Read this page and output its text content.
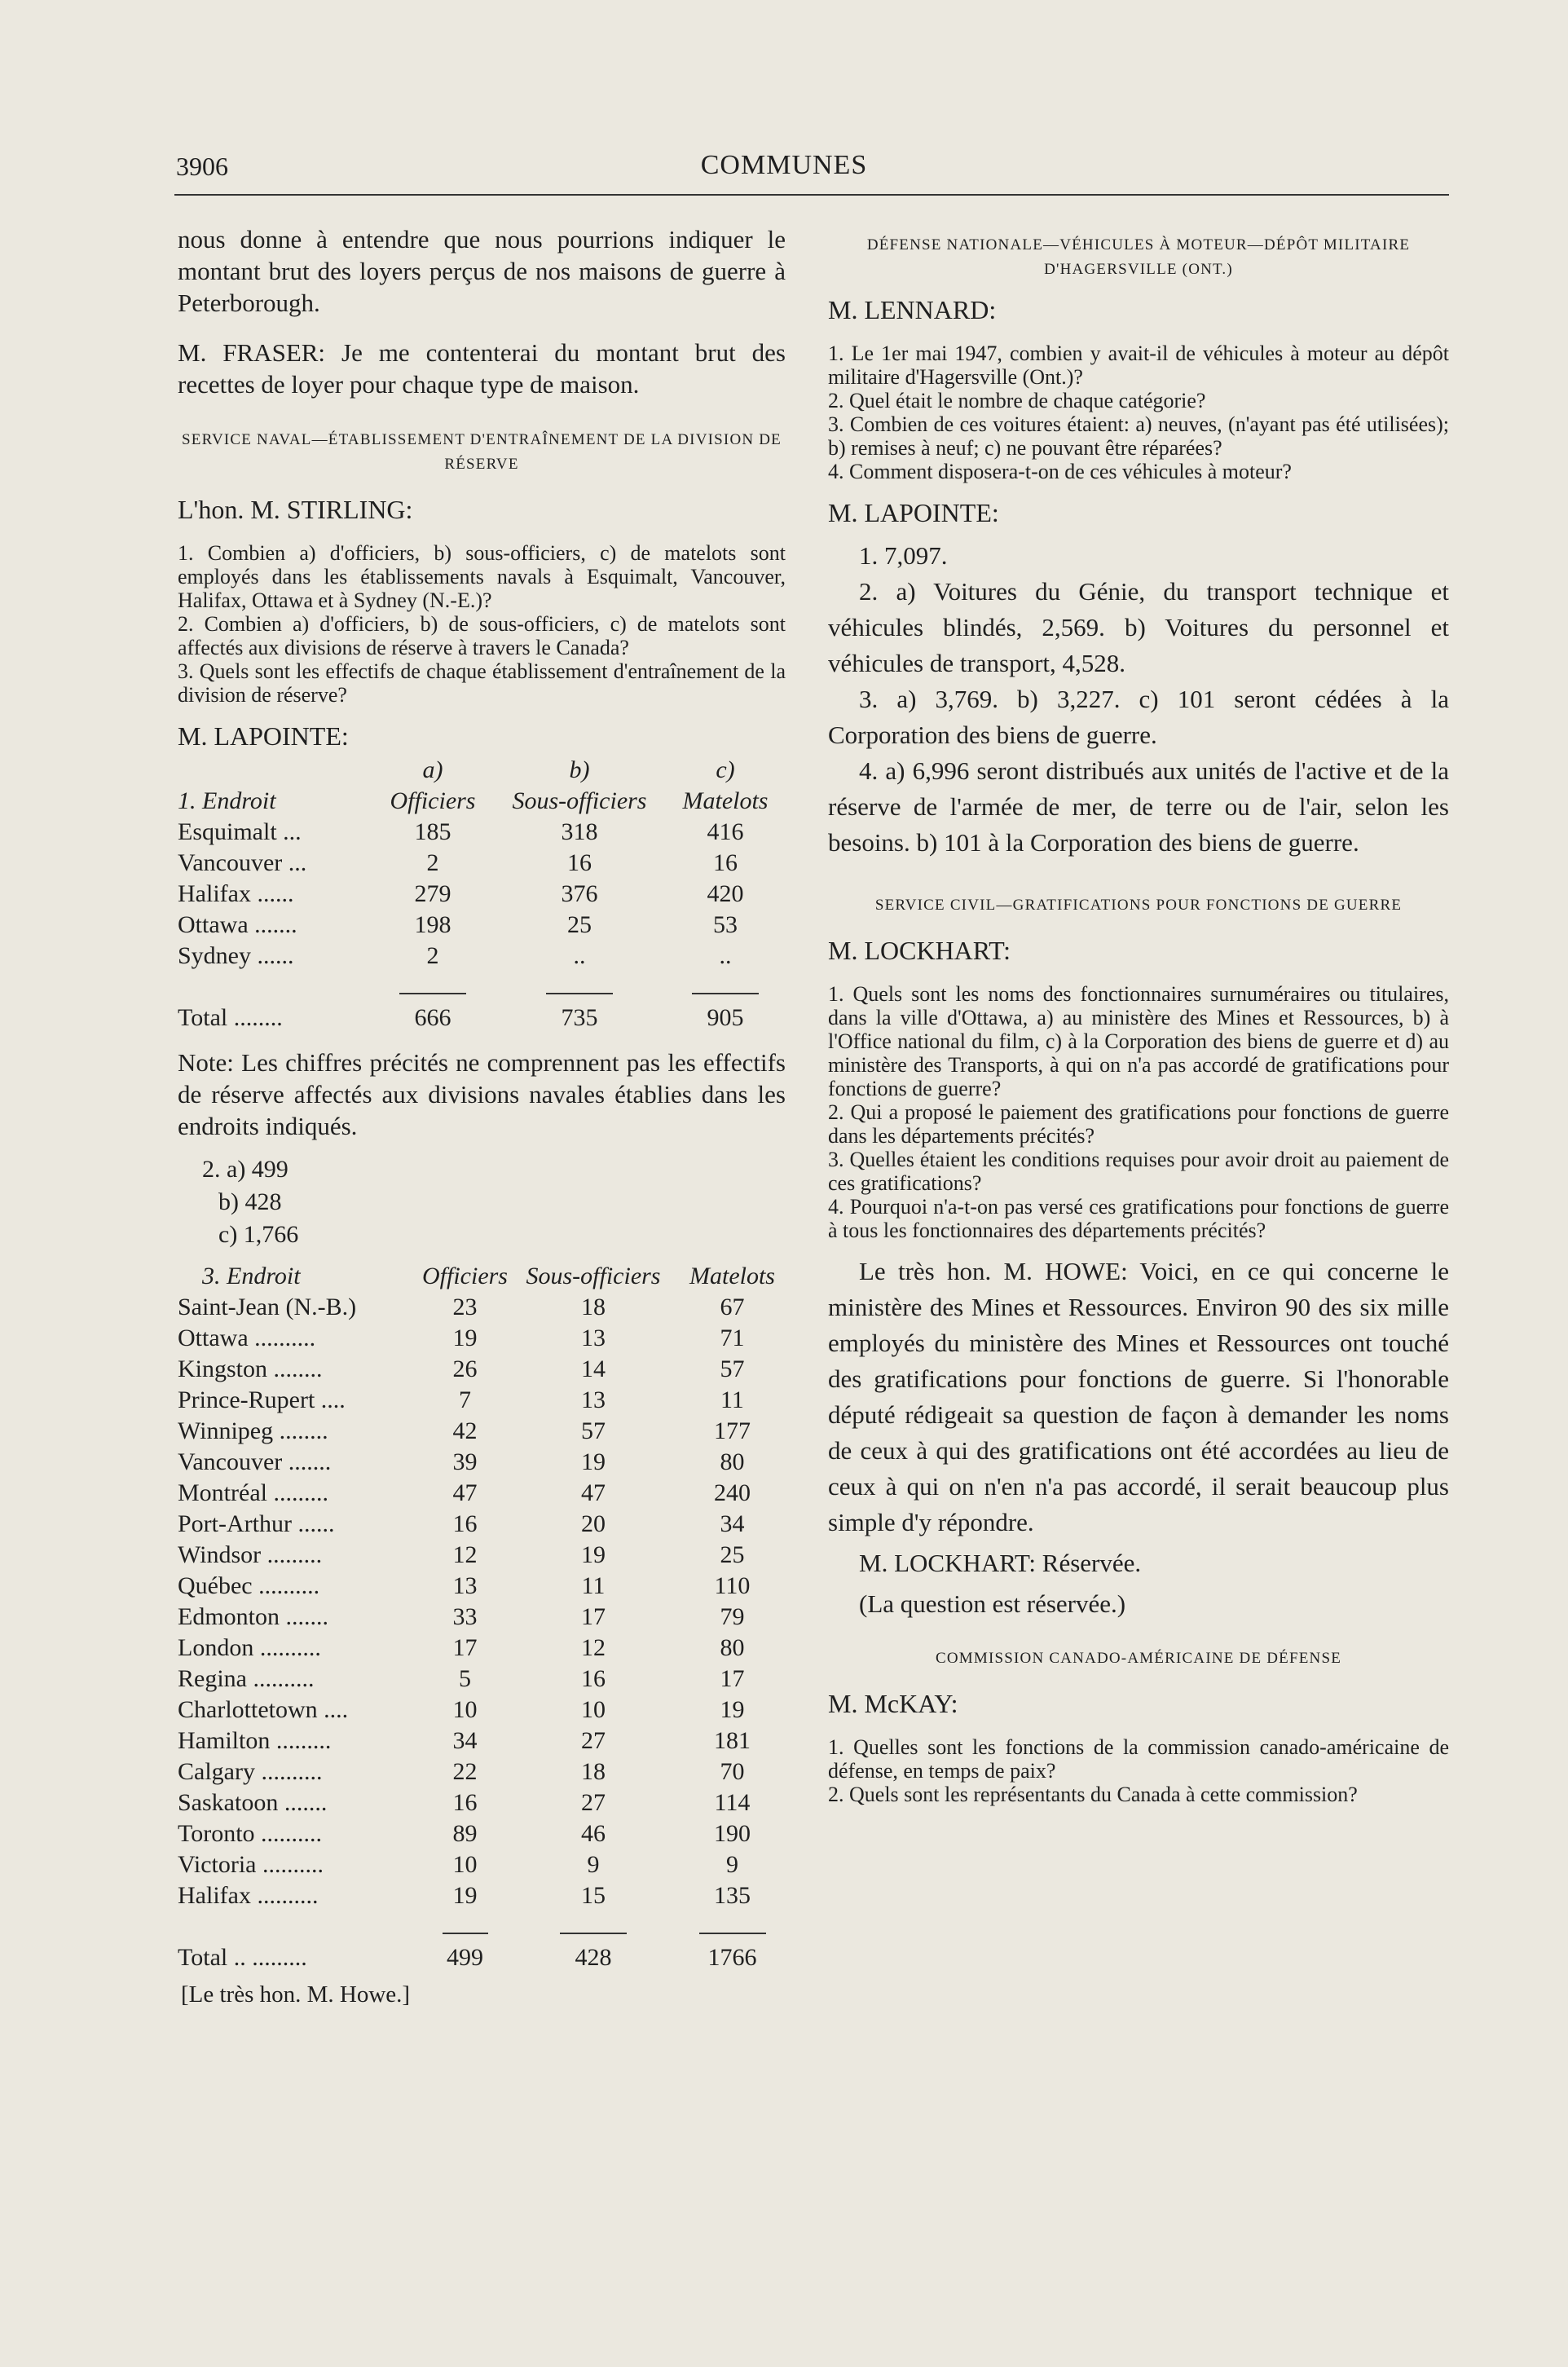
3906	COMMUNES

nous donne à entendre que nous pourrions indiquer le montant brut des loyers perçus de nos maisons de guerre à Peterborough.

M. FRASER: Je me contenterai du montant brut des recettes de loyer pour chaque type de maison.

SERVICE NAVAL—ÉTABLISSEMENT D'ENTRAÎNEMENT DE LA DIVISION DE RÉSERVE
L'hon. M. STIRLING:

1. Combien a) d'officiers, b) sous-officiers, c) de matelots sont employés dans les établissements navals à Esquimalt, Vancouver, Halifax, Ottawa et à Sydney (N.-E.)?

2. Combien a) d'officiers, b) de sous-officiers, c) de matelots sont affectés aux divisions de réserve à travers le Canada?

3. Quels sont les effectifs de chaque établissement d'entraînement de la division de réserve?

M. LAPOINTE:
	a)	b)	c)
1. Endroit	Officiers	Sous-officiers	Matelots
Esquimalt ...	185	318	416
Vancouver ...	2	16	16
Halifax ......	279	376	420
Ottawa .......	198	25	53
Sydney ......	2	..	..

Total ........	666	735	905

Note: Les chiffres précités ne comprennent pas les effectifs de réserve affectés aux divisions navales établies dans les endroits indiqués.

2. a) 499
b) 428
c) 1,766
3. Endroit	Officiers	Sous-officiers	Matelots
Saint-Jean (N.-B.)	23	18	67
Ottawa ..........	19	13	71
Kingston ........	26	14	57
Prince-Rupert ....	7	13	11
Winnipeg ........	42	57	177
Vancouver .......	39	19	80
Montréal .........	47	47	240
Port-Arthur ......	16	20	34
Windsor .........	12	19	25
Québec ..........	13	11	110
Edmonton .......	33	17	79
London ..........	17	12	80
Regina ..........	5	16	17
Charlottetown ....	10	10	19
Hamilton .........	34	27	181
Calgary ..........	22	18	70
Saskatoon .......	16	27	114
Toronto ..........	89	46	190
Victoria ..........	10	9	9
Halifax ..........	19	15	135

Total .. .........	499	428	1766
[Le très hon. M. Howe.]
DÉFENSE NATIONALE—VÉHICULES À MOTEUR—DÉPÔT MILITAIRE D'HAGERSVILLE (ONT.)
M. LENNARD:

1. Le 1er mai 1947, combien y avait-il de véhicules à moteur au dépôt militaire d'Hagersville (Ont.)?

2. Quel était le nombre de chaque catégorie?

3. Combien de ces voitures étaient: a) neuves, (n'ayant pas été utilisées); b) remises à neuf; c) ne pouvant être réparées?

4. Comment disposera-t-on de ces véhicules à moteur?

M. LAPOINTE:

1. 7,097.

2. a) Voitures du Génie, du transport technique et véhicules blindés, 2,569. b) Voitures du personnel et véhicules de transport, 4,528.

3. a) 3,769. b) 3,227. c) 101 seront cédées à la Corporation des biens de guerre.

4. a) 6,996 seront distribués aux unités de l'active et de la réserve de l'armée de mer, de terre ou de l'air, selon les besoins. b) 101 à la Corporation des biens de guerre.

SERVICE CIVIL—GRATIFICATIONS POUR FONCTIONS DE GUERRE
M. LOCKHART:

1. Quels sont les noms des fonctionnaires surnuméraires ou titulaires, dans la ville d'Ottawa, a) au ministère des Mines et Ressources, b) à l'Office national du film, c) à la Corporation des biens de guerre et d) au ministère des Transports, à qui on n'a pas accordé de gratifications pour fonctions de guerre?

2. Qui a proposé le paiement des gratifications pour fonctions de guerre dans les départements précités?

3. Quelles étaient les conditions requises pour avoir droit au paiement de ces gratifications?

4. Pourquoi n'a-t-on pas versé ces gratifications pour fonctions de guerre à tous les fonctionnaires des départements précités?

Le très hon. M. HOWE: Voici, en ce qui concerne le ministère des Mines et Ressources. Environ 90 des six mille employés du ministère des Mines et Ressources ont touché des gratifications pour fonctions de guerre. Si l'honorable député rédigeait sa question de façon à demander les noms de ceux à qui des gratifications ont été accordées au lieu de ceux à qui on n'en n'a pas accordé, il serait beaucoup plus simple d'y répondre.

M. LOCKHART: Réservée.

(La question est réservée.)

COMMISSION CANADO-AMÉRICAINE DE DÉFENSE
M. McKAY:

1. Quelles sont les fonctions de la commission canado-américaine de défense, en temps de paix?

2. Quels sont les représentants du Canada à cette commission?
